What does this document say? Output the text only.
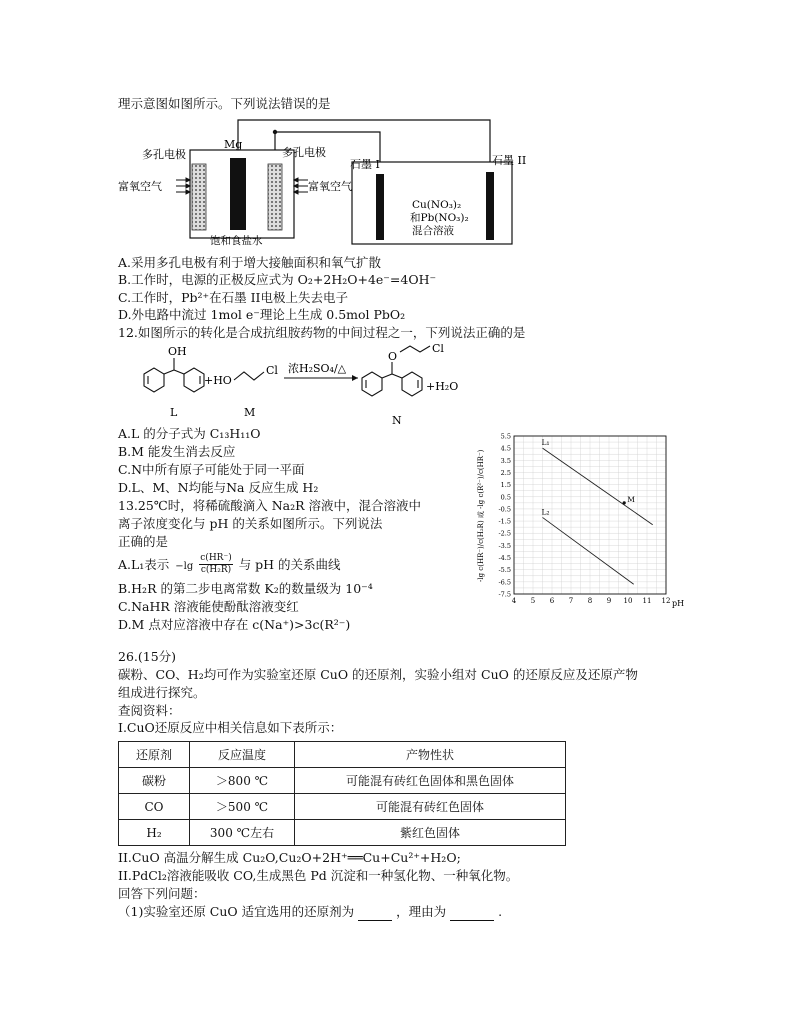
理示意图如图所示。下列说法错误的是
多孔电极
Mg
多孔电极
富氧空气	富氧空气
饱和食盐水
石墨 I	石墨 II
Cu(NO₃)₂
和Pb(NO₃)₂
混合溶液
A.采用多孔电极有利于增大接触面积和氧气扩散
B.工作时，电源的正极反应式为 O₂+2H₂O+4e⁻=4OH⁻
C.工作时，Pb²⁺在石墨 II电极上失去电子
D.外电路中流过 1mol e⁻理论上生成 0.5mol PbO₂
12.如图所示的转化是合成抗组胺药物的中间过程之一，下列说法正确的是
OH
+HO
Cl 浓H₂SO₄/△
O
Cl
+H₂O
L	M
N
A.L 的分子式为 C₁₃H₁₁O
B.M 能发生消去反应
C.N中所有原子可能处于同一平面
D.L、M、N均能与Na 反应生成 H₂
13.25℃时，将稀硫酸滴入 Na₂R 溶液中，混合溶液中
离子浓度变化与 pH 的关系如图所示。下列说法
正确的是
A.L₁表示 $_{-lg} \frac{c(HR^-)}{\text{c(H₂R)}}$ 与 pH 的关系曲线
B.H₂R 的第二步电离常数 K₂的数量级为 10⁻⁴
C.NaHR 溶液能使酚酞溶液变红
D.M 点对应溶液中存在 c(Na⁺)>3c(R²⁻)
5.5
4.5
3.5
2.5
1.5
0.5
-0.5
-1.5
-2.5
-3.5
-4.5
-5.5
-6.5
-7.5
4 5 6 7 8 9 10 11 12
L₁
L₂
M
pH
-lg c(HR⁻)/c(H₂R) 或 -lg c(R²⁻)/c(HR⁻)
26.(15分)
碳粉、CO、H₂均可作为实验室还原 CuO 的还原剂，实验小组对 CuO 的还原反应及还原产物
组成进行探究。
查阅资料：
I.CuO还原反应中相关信息如下表所示：
还原剂	反应温度	产物性状
碳粉	＞800 ℃	可能混有砖红色固体和黑色固体
CO	＞500 ℃	可能混有砖红色固体
H₂	300 ℃左右	紫红色固体
II.CuO 高温分解生成 Cu₂O,Cu₂O+2H⁺══Cu+Cu²⁺+H₂O;
II.PdCl₂溶液能吸收 CO,生成黑色 Pd 沉淀和一种氢化物、一种氧化物。
回答下列问题：
（1)实验室还原 CuO 适宜选用的还原剂为	，理由为	.
